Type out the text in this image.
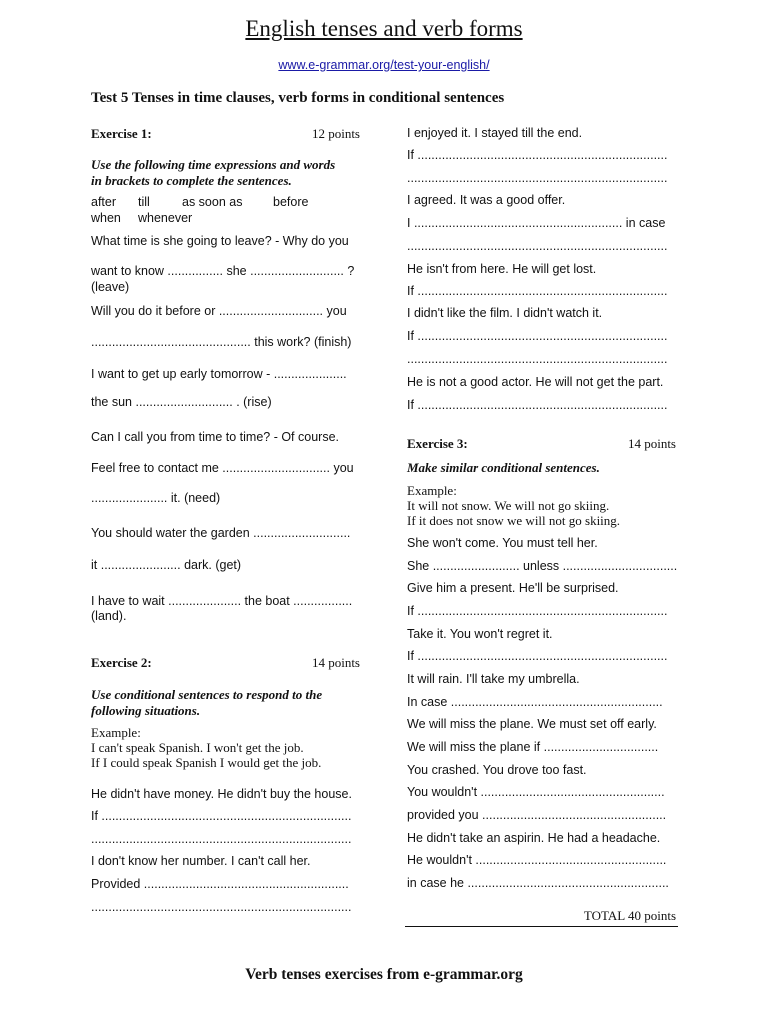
English tenses and verb forms
www.e-grammar.org/test-your-english/
Test 5 Tenses in time clauses, verb forms in conditional sentences
Exercise 1:	12 points
Use the following time expressions and words
in brackets to complete the sentences.
after till	as soon as before
when whenever
What time is she going to leave? - Why do you
want to know ................ she ........................... ?
(leave)
Will you do it before or .............................. you
.............................................. this work? (finish)
I want to get up early tomorrow - .....................
the sun ............................ . (rise)
Can I call you from time to time? - Of course.
Feel free to contact me ............................... you
...................... it. (need)
You should water the garden ............................
it ....................... dark. (get)
I have to wait ..................... the boat .................
(land).
Exercise 2:	14 points
Use conditional sentences to respond to the
following situations.
Example:
I can't speak Spanish. I won't get the job.
If I could speak Spanish I would get the job.
He didn't have money. He didn't buy the house.
If ........................................................................
...........................................................................
I don't know her number. I can't call her.
Provided ...........................................................
...........................................................................
I enjoyed it. I stayed till the end.
If ........................................................................
...........................................................................
I agreed. It was a good offer.
I ............................................................ in case
...........................................................................
He isn't from here. He will get lost.
If ........................................................................
I didn't like the film. I didn't watch it.
If ........................................................................
...........................................................................
He is not a good actor. He will not get the part.
If ........................................................................
Exercise 3:	14 points
Make similar conditional sentences.
Example:
It will not snow. We will not go skiing.
If it does not snow we will not go skiing.
She won't come. You must tell her.
She ......................... unless .................................
Give him a present. He'll be surprised.
If ........................................................................
Take it. You won't regret it.
If ........................................................................
It will rain. I'll take my umbrella.
In case .............................................................
We will miss the plane. We must set off early.
We will miss the plane if .................................
You crashed. You drove too fast.
You wouldn't .....................................................
provided you .....................................................
He didn't take an aspirin. He had a headache.
He wouldn't .......................................................
in case he ..........................................................
TOTAL 40 points
Verb tenses exercises from e-grammar.org
